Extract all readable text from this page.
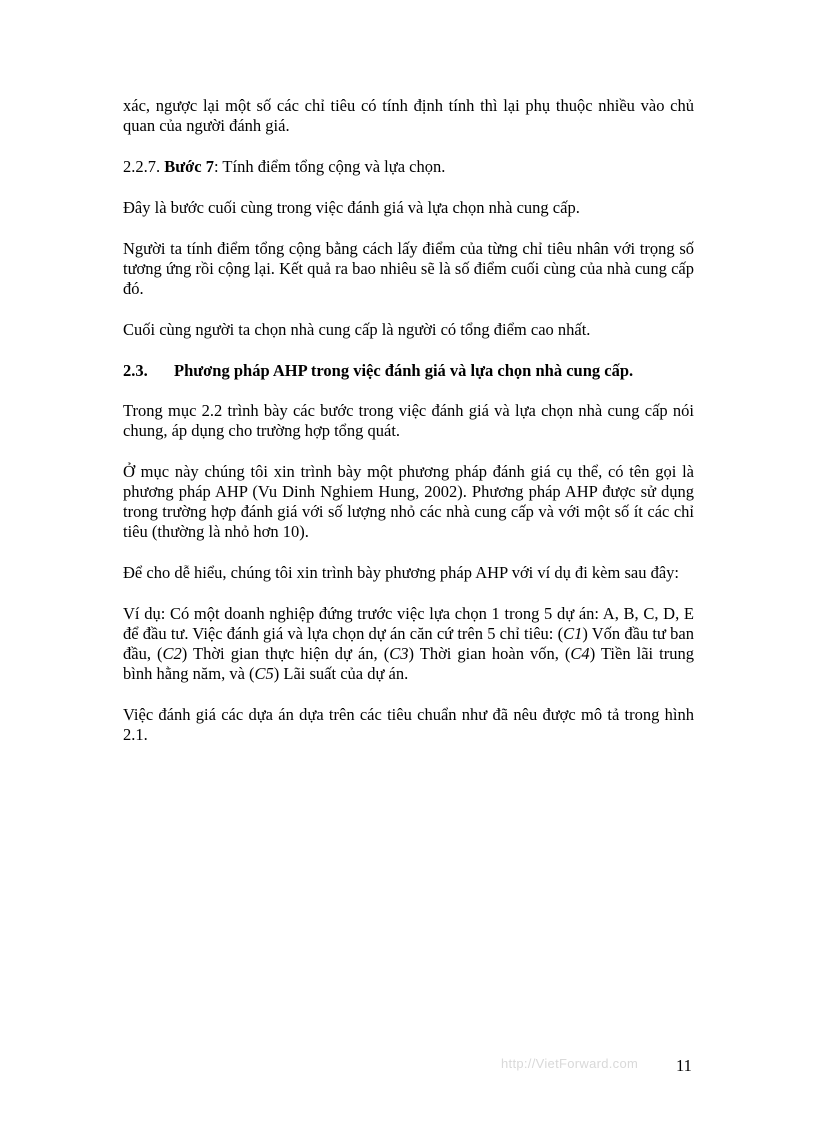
xác, ngược lại một số các chỉ tiêu có tính định tính thì lại phụ thuộc nhiều vào chủ quan của người đánh giá.

2.2.7. Bước 7: Tính điểm tổng cộng và lựa chọn.

Đây là bước cuối cùng trong việc đánh giá và lựa chọn nhà cung cấp.

Người ta tính điểm tổng cộng bằng cách lấy điểm của từng chỉ tiêu nhân với trọng số tương ứng rồi cộng lại. Kết quả ra bao nhiêu sẽ là số điểm cuối cùng của nhà cung cấp đó.

Cuối cùng người ta chọn nhà cung cấp là người có tổng điểm cao nhất.

2.3.	Phương pháp AHP trong việc đánh giá và lựa chọn nhà cung cấp.

Trong mục 2.2 trình bày các bước trong việc đánh giá và lựa chọn nhà cung cấp nói chung, áp dụng cho trường hợp tổng quát.

Ở mục này chúng tôi xin trình bày một phương pháp đánh giá cụ thể, có tên gọi là phương pháp AHP (Vu Dinh Nghiem Hung, 2002). Phương pháp AHP được sử dụng trong trường hợp đánh giá với số lượng nhỏ các nhà cung cấp và với một số ít các chỉ tiêu (thường là nhỏ hơn 10).

Để cho dễ hiểu, chúng tôi xin trình bày phương pháp AHP với ví dụ đi kèm sau đây:

Ví dụ: Có một doanh nghiệp đứng trước việc lựa chọn 1 trong 5 dự án: A, B, C, D, E để đầu tư. Việc đánh giá và lựa chọn dự án căn cứ trên 5 chỉ tiêu: (C1) Vốn đầu tư ban đầu, (C2) Thời gian thực hiện dự án, (C3) Thời gian hoàn vốn, (C4) Tiền lãi trung bình hằng năm, và (C5) Lãi suất của dự án.

Việc đánh giá các dựa án dựa trên các tiêu chuẩn như đã nêu được mô tả trong hình 2.1.

http://VietForward.com 11
